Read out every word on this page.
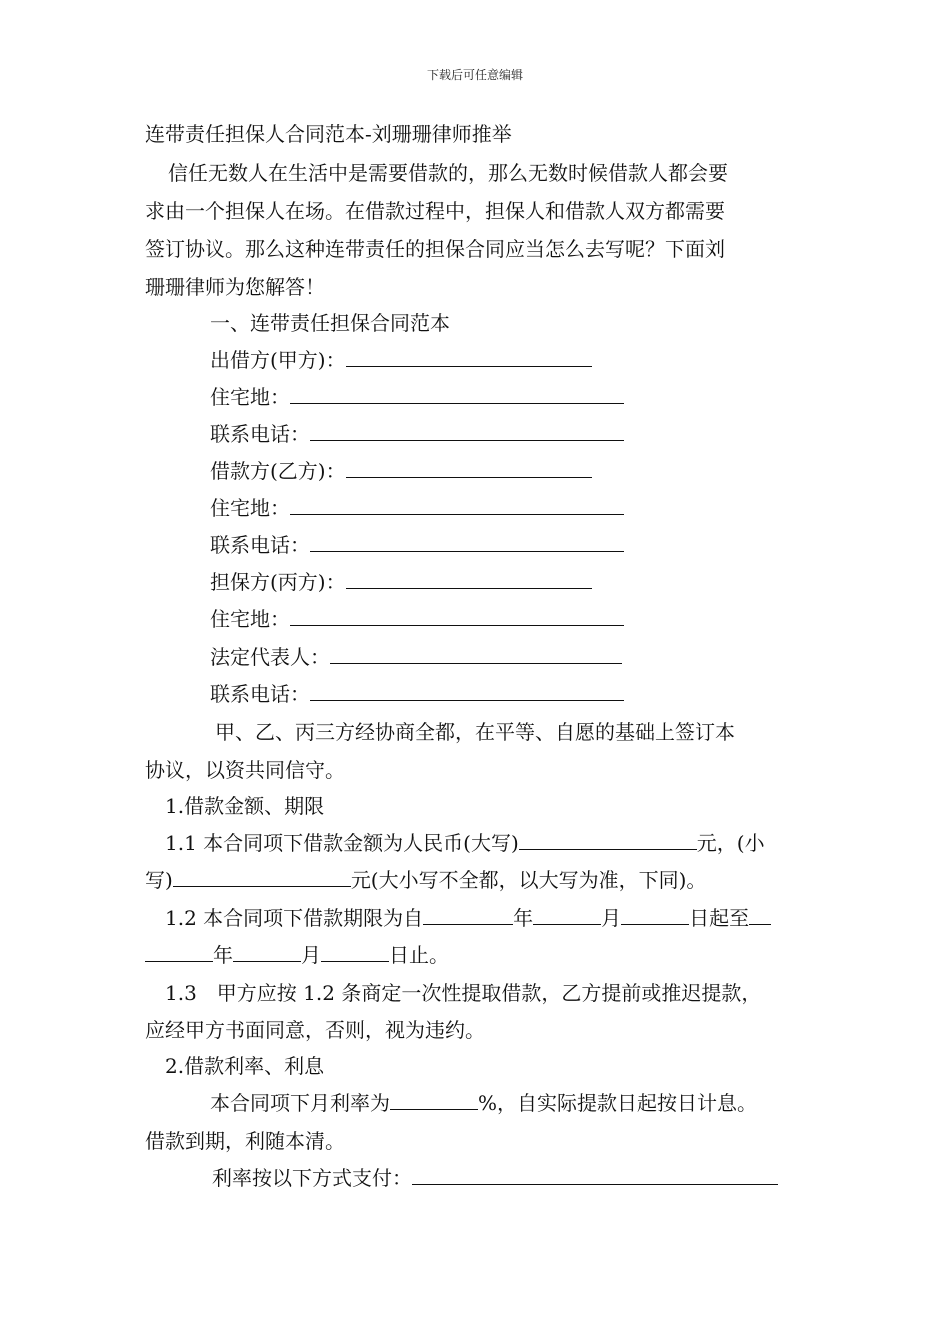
下载后可任意编辑
连带责任担保人合同范本-刘珊珊律师推举
信任无数人在生活中是需要借款的，那么无数时候借款人都会要
求由一个担保人在场。在借款过程中，担保人和借款人双方都需要
签订协议。那么这种连带责任的担保合同应当怎么去写呢？下面刘
珊珊律师为您解答！
一、连带责任担保合同范本
出借方(甲方)：
住宅地：
联系电话：
借款方(乙方)：
住宅地：
联系电话：
担保方(丙方)：
住宅地：
法定代表人：
联系电话：
甲、乙、丙三方经协商全都，在平等、自愿的基础上签订本
协议，以资共同信守。
1.借款金额、期限
1.1 本合同项下借款金额为人民币(大写)	元，(小
写)	元(大小写不全都，以大写为准，下同)。
1.2 本合同项下借款期限为自	年	月	日起至
年	月	日止。
1.3　甲方应按 1.2 条商定一次性提取借款，乙方提前或推迟提款，
应经甲方书面同意，否则，视为违约。
2.借款利率、利息
本合同项下月利率为	%，自实际提款日起按日计息。
借款到期，利随本清。
利率按以下方式支付：
